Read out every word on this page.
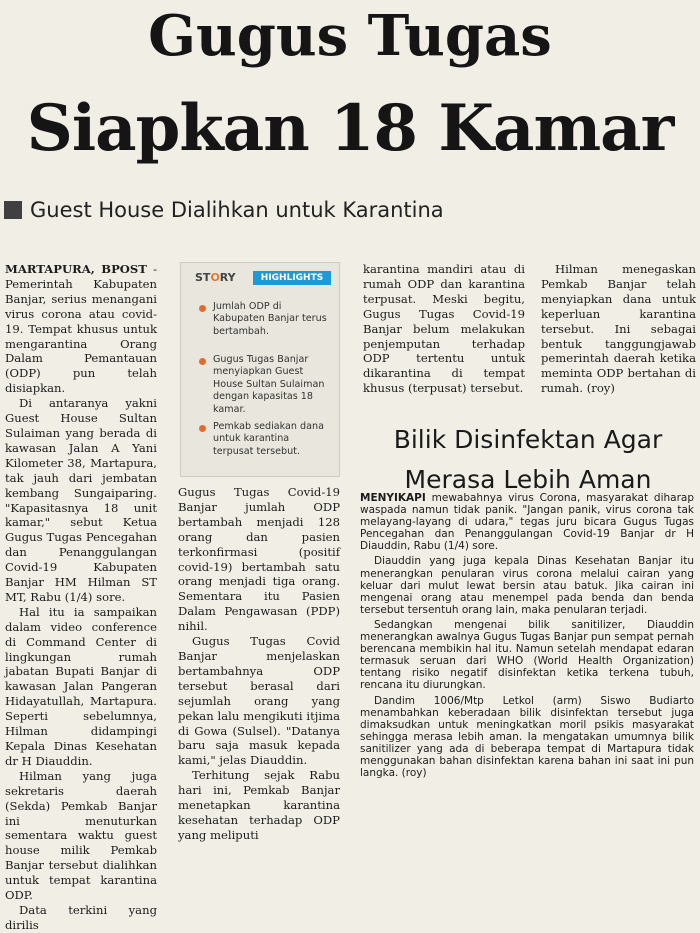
Gugus Tugas
Siapkan 18 Kamar
Guest House Dialihkan untuk Karantina

MARTAPURA, BPOST - Pemerintah Kabupaten Banjar, serius menangani virus corona atau covid-19. Tempat khusus untuk mengarantina Orang Dalam Pemantauan (ODP) pun telah disiapkan.

Di antaranya yakni Guest House Sultan Sulaiman yang berada di kawasan Jalan A Yani Kilometer 38, Martapura, tak jauh dari jembatan kembang Sungaiparing. "Kapasitasnya 18 unit kamar," sebut Ketua Gugus Tugas Pencegahan dan Penanggulangan Covid-19 Kabupaten Banjar HM Hilman ST MT, Rabu (1/4) sore.

Hal itu ia sampaikan dalam video conference di Command Center di lingkungan rumah jabatan Bupati Banjar di kawasan Jalan Pangeran Hidayatullah, Martapura. Seperti sebelumnya, Hilman didampingi Kepala Dinas Kesehatan dr H Diauddin.

Hilman yang juga sekretaris daerah (Sekda) Pemkab Banjar ini menuturkan sementara waktu guest house milik Pemkab Banjar tersebut dialihkan untuk tempat karantina ODP.

Data terkini yang dirilis

STORY	HIGHLIGHTS
Jumlah ODP di Kabupaten Banjar terus bertambah.
Gugus Tugas Banjar menyiapkan Guest House Sultan Sulaiman dengan kapasitas 18 kamar.
Pemkab sediakan dana untuk karantina terpusat tersebut.

Gugus Tugas Covid-19 Banjar jumlah ODP bertambah menjadi 128 orang dan pasien terkonfirmasi (positif covid-19) bertambah satu orang menjadi tiga orang. Sementara itu Pasien Dalam Pengawasan (PDP) nihil.

Gugus Tugas Covid Banjar menjelaskan bertambahnya ODP tersebut berasal dari sejumlah orang yang pekan lalu mengikuti itjima di Gowa (Sulsel). "Datanya baru saja masuk kepada kami," jelas Diauddin.

Terhitung sejak Rabu hari ini, Pemkab Banjar menetapkan karantina kesehatan terhadap ODP yang meliputi

karantina mandiri atau di rumah ODP dan karantina terpusat. Meski begitu, Gugus Tugas Covid-19 Banjar belum melakukan penjemputan terhadap ODP tertentu untuk dikarantina di tempat khusus (terpusat) tersebut.

Hilman menegaskan Pemkab Banjar telah menyiapkan dana untuk keperluan karantina tersebut. Ini sebagai bentuk tanggungjawab pemerintah daerah ketika meminta ODP bertahan di rumah. (roy)

Bilik Disinfektan Agar
Merasa Lebih Aman

MENYIKAPI mewabahnya virus Corona, masyarakat diharap waspada namun tidak panik. "Jangan panik, virus corona tak melayang-layang di udara," tegas juru bicara Gugus Tugas Pencegahan dan Penanggulangan Covid-19 Banjar dr H Diauddin, Rabu (1/4) sore.

Diauddin yang juga kepala Dinas Kesehatan Banjar itu menerangkan penularan virus corona melalui cairan yang keluar dari mulut lewat bersin atau batuk. Jika cairan ini mengenai orang atau menempel pada benda dan benda tersebut tersentuh orang lain, maka penularan terjadi.

Sedangkan mengenai bilik sanitilizer, Diauddin menerangkan awalnya Gugus Tugas Banjar pun sempat pernah berencana membikin hal itu. Namun setelah mendapat edaran termasuk seruan dari WHO (World Health Organization) tentang risiko negatif disinfektan ketika terkena tubuh, rencana itu diurungkan.

Dandim 1006/Mtp Letkol (arm) Siswo Budiarto menambahkan keberadaan bilik disinfektan tersebut juga dimaksudkan untuk meningkatkan moril psikis masyarakat sehingga merasa lebih aman. Ia mengatakan umumnya bilik sanitilizer yang ada di beberapa tempat di Martapura tidak menggunakan bahan disinfektan karena bahan ini saat ini pun langka. (roy)
